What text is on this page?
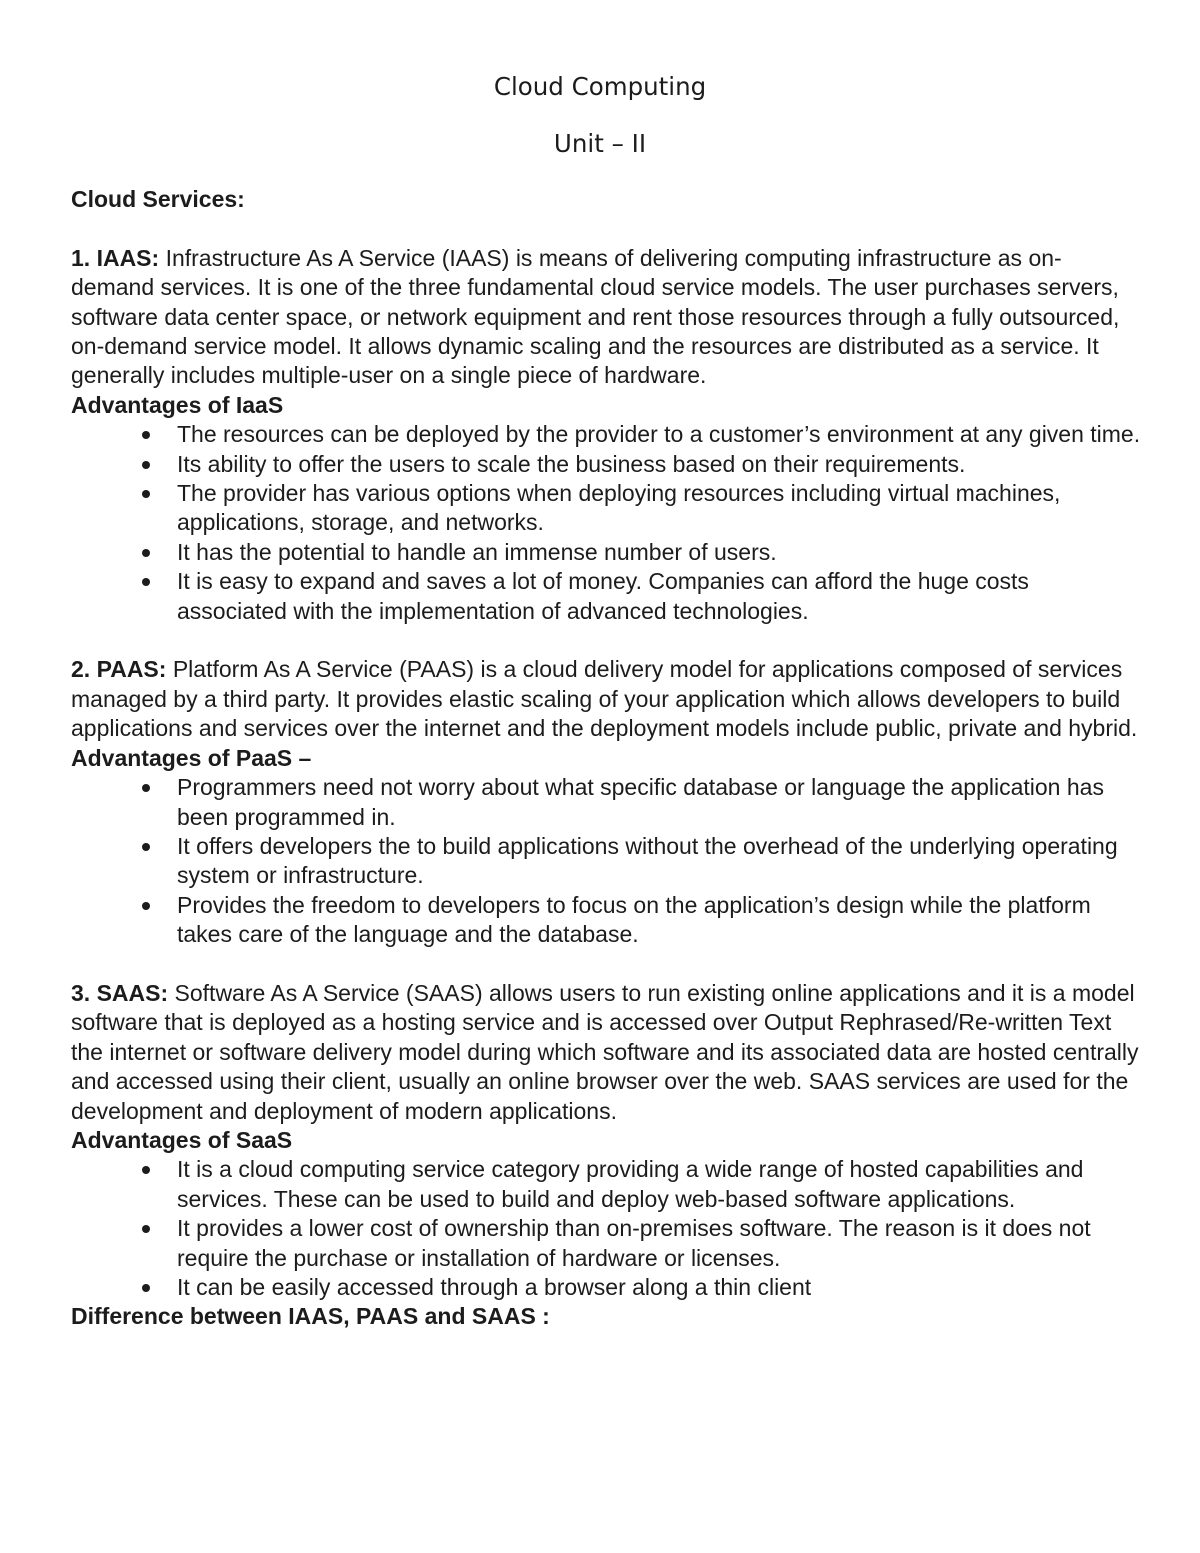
Cloud Computing
Unit – II

Cloud Services:

1. IAAS: Infrastructure As A Service (IAAS) is means of delivering computing infrastructure as on-demand services. It is one of the three fundamental cloud service models. The user purchases servers, software data center space, or network equipment and rent those resources through a fully outsourced, on-demand service model. It allows dynamic scaling and the resources are distributed as a service. It generally includes multiple-user on a single piece of hardware.

Advantages of IaaS

The resources can be deployed by the provider to a customer’s environment at any given time.
Its ability to offer the users to scale the business based on their requirements.
The provider has various options when deploying resources including virtual machines, applications, storage, and networks.
It has the potential to handle an immense number of users.
It is easy to expand and saves a lot of money. Companies can afford the huge costs associated with the implementation of advanced technologies.

2. PAAS: Platform As A Service (PAAS) is a cloud delivery model for applications composed of services managed by a third party. It provides elastic scaling of your application which allows developers to build applications and services over the internet and the deployment models include public, private and hybrid.

Advantages of PaaS –

Programmers need not worry about what specific database or language the application has been programmed in.
It offers developers the to build applications without the overhead of the underlying operating system or infrastructure.
Provides the freedom to developers to focus on the application’s design while the platform takes care of the language and the database.

3. SAAS: Software As A Service (SAAS) allows users to run existing online applications and it is a model software that is deployed as a hosting service and is accessed over Output Rephrased/Re-written Text the internet or software delivery model during which software and its associated data are hosted centrally and accessed using their client, usually an online browser over the web. SAAS services are used for the development and deployment of modern applications.

Advantages of SaaS

It is a cloud computing service category providing a wide range of hosted capabilities and services. These can be used to build and deploy web-based software applications.
It provides a lower cost of ownership than on-premises software. The reason is it does not require the purchase or installation of hardware or licenses.
It can be easily accessed through a browser along a thin client

Difference between IAAS, PAAS and SAAS :
